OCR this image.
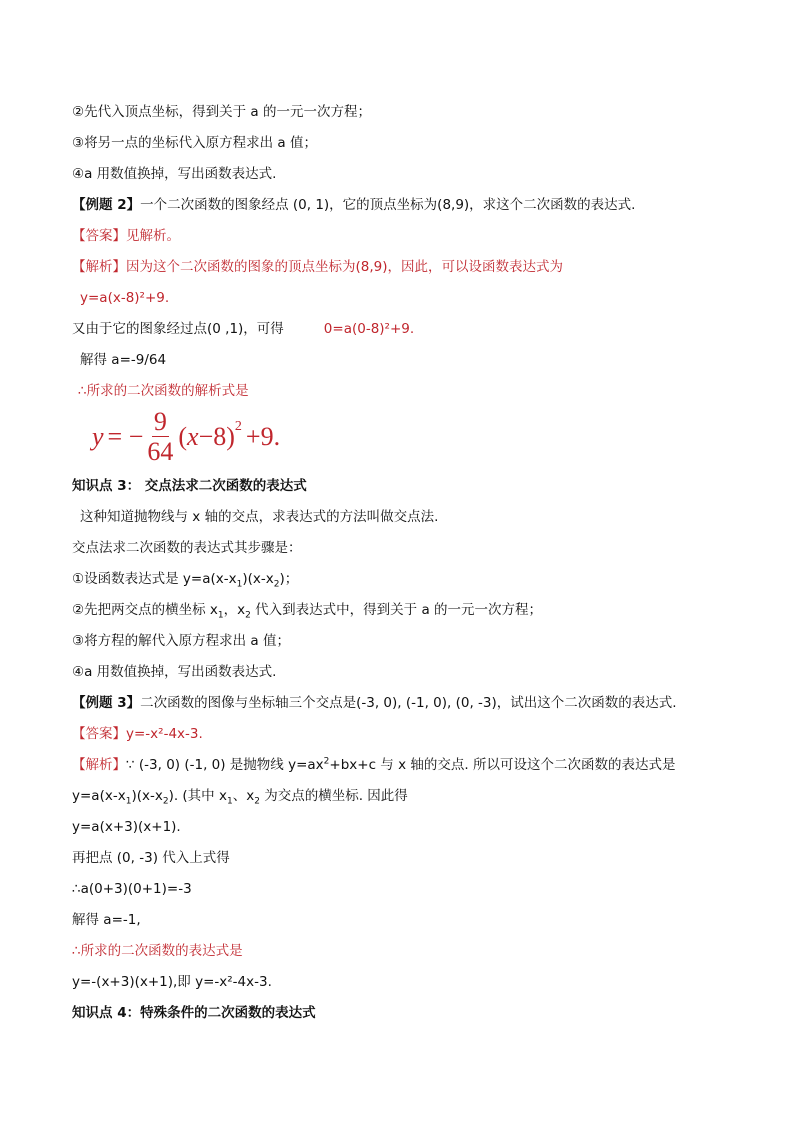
②先代入顶点坐标，得到关于 a 的一元一次方程；
③将另一点的坐标代入原方程求出 a 值；
④a 用数值换掉，写出函数表达式.
【例题 2】一个二次函数的图象经点 (0, 1)，它的顶点坐标为(8,9)，求这个二次函数的表达式.
【答案】见解析。
【解析】因为这个二次函数的图象的顶点坐标为(8,9)，因此，可以设函数表达式为
y=a(x-8)²+9.
又由于它的图象经过点(0 ,1)，可得	0=a(0-8)²+9.
解得 a=-9/64
∴所求的二次函数的解析式是
y = − $\frac{9}{64}$ ( x −8)$^2$ +9.
知识点 3： 交点法求二次函数的表达式
这种知道抛物线与 x 轴的交点，求表达式的方法叫做交点法.
交点法求二次函数的表达式其步骤是：
①设函数表达式是 $y=a(x-x_1)(x-x_2)$；
②先把两交点的横坐标 $x_1$，$x_2$ 代入到表达式中，得到关于 a 的一元一次方程；
③将方程的解代入原方程求出 a 值；
④a 用数值换掉，写出函数表达式.
【例题 3】二次函数的图像与坐标轴三个交点是(-3, 0), (-1, 0), (0, -3)，试出这个二次函数的表达式.
【答案】y=-x²-4x-3.
【解析】∵ (-3, 0) (-1, 0) 是抛物线 $y=ax^2+bx+c$ 与 x 轴的交点. 所以可设这个二次函数的表达式是
$y=a(x-x_1)(x-x_2)$. (其中 $x_1$、$x_2$ 为交点的横坐标. 因此得
y=a(x+3)(x+1).
再把点 (0, -3) 代入上式得
∴a(0+3)(0+1)=-3
解得 a=-1,
∴所求的二次函数的表达式是
y=-(x+3)(x+1),即 y=-x²-4x-3.
知识点 4：特殊条件的二次函数的表达式
